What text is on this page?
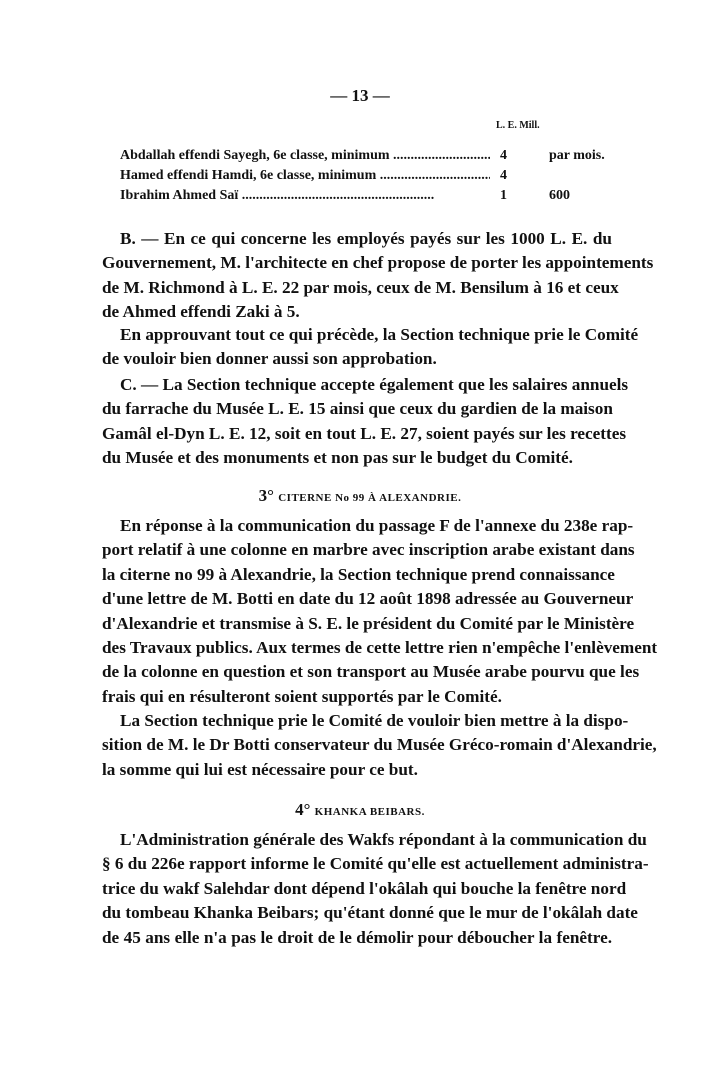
— 13 —
L. E. Mill.
Abdallah effendi Sayegh, 6e classe, minimum .....	4	par mois.
Hamed effendi Hamdi, 6e classe, minimum .....	4
Ibrahim Ahmed Saï .....	1	600
B. — En ce qui concerne les employés payés sur les 1000 L. E. du
Gouvernement, M. l'architecte en chef propose de porter les appointements
de M. Richmond à L. E. 22 par mois, ceux de M. Bensilum à 16 et ceux
de Ahmed effendi Zaki à 5.
En approuvant tout ce qui précède, la Section technique prie le Comité
de vouloir bien donner aussi son approbation.
C. — La Section technique accepte également que les salaires annuels
du farrache du Musée L. E. 15 ainsi que ceux du gardien de la maison
Gamâl el-Dyn L. E. 12, soit en tout L. E. 27, soient payés sur les recettes
du Musée et des monuments et non pas sur le budget du Comité.
3° CITERNE No 99 À ALEXANDRIE.
En réponse à la communication du passage F de l'annexe du 238e rap-
port relatif à une colonne en marbre avec inscription arabe existant dans
la citerne no 99 à Alexandrie, la Section technique prend connaissance
d'une lettre de M. Botti en date du 12 août 1898 adressée au Gouverneur
d'Alexandrie et transmise à S. E. le président du Comité par le Ministère
des Travaux publics. Aux termes de cette lettre rien n'empêche l'enlèvement
de la colonne en question et son transport au Musée arabe pourvu que les
frais qui en résulteront soient supportés par le Comité.
La Section technique prie le Comité de vouloir bien mettre à la dispo-
sition de M. le Dr Botti conservateur du Musée Gréco-romain d'Alexandrie,
la somme qui lui est nécessaire pour ce but.
4° KHANKA BEIBARS.
L'Administration générale des Wakfs répondant à la communication du
§ 6 du 226e rapport informe le Comité qu'elle est actuellement administra-
trice du wakf Salehdar dont dépend l'okâlah qui bouche la fenêtre nord
du tombeau Khanka Beibars; qu'étant donné que le mur de l'okâlah date
de 45 ans elle n'a pas le droit de le démolir pour déboucher la fenêtre.
